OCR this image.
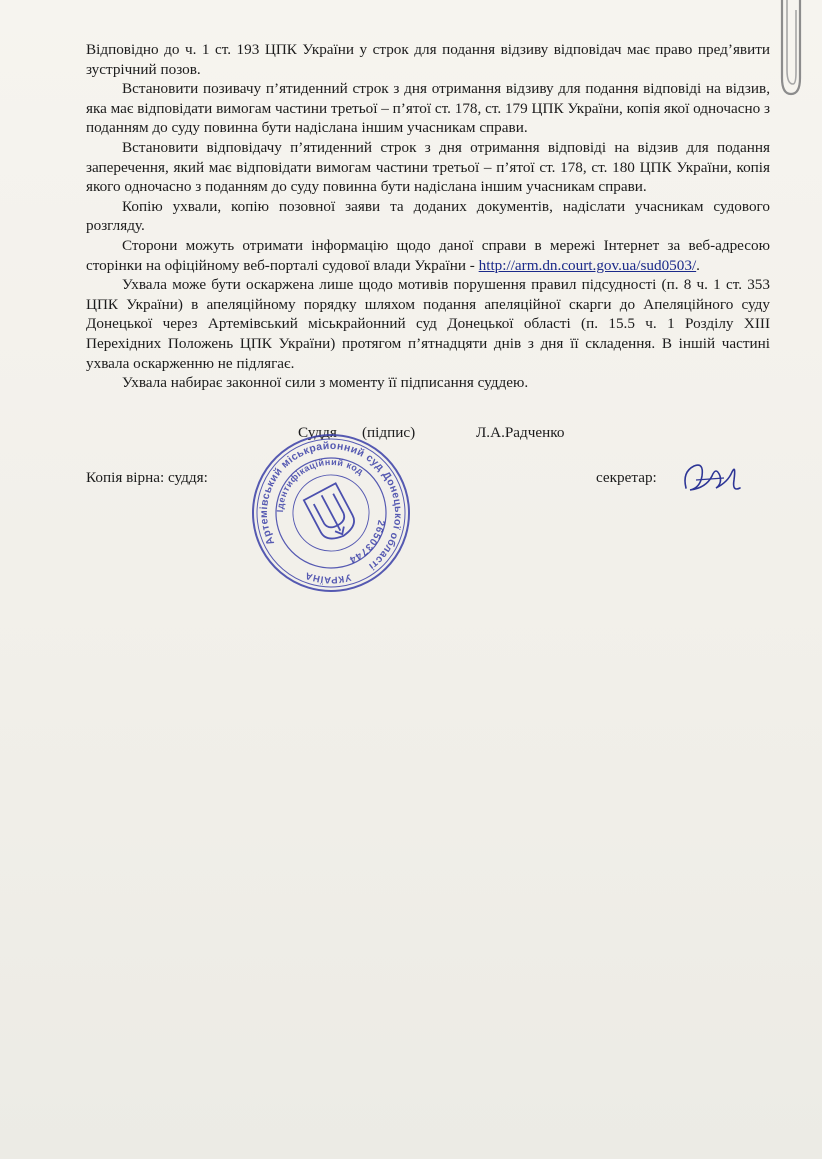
Відповідно до ч. 1 ст. 193 ЦПК України у строк для подання відзиву відповідач має право пред’явити зустрічний позов.

Встановити позивачу п’ятиденний строк з дня отримання відзиву для подання відповіді на відзив, яка має відповідати вимогам частини третьої – п’ятої ст. 178, ст. 179 ЦПК України, копія якої одночасно з поданням до суду повинна бути надіслана іншим учасникам справи.

Встановити відповідачу п’ятиденний строк з дня отримання відповіді на відзив для подання заперечення, який має відповідати вимогам частини третьої – п’ятої ст. 178, ст. 180 ЦПК України, копія якого одночасно з поданням до суду повинна бути надіслана іншим учасникам справи.

Копію ухвали, копію позовної заяви та доданих документів, надіслати учасникам судового розгляду.

Сторони можуть отримати інформацію щодо даної справи в мережі Інтернет за веб-адресою сторінки на офіційному веб-порталі судової влади України - http://arm.dn.court.gov.ua/sud0503/.

Ухвала може бути оскаржена лише щодо мотивів порушення правил підсудності (п. 8 ч. 1 ст. 353 ЦПК України) в апеляційному порядку шляхом подання апеляційної скарги до Апеляційного суду Донецької через Артемівський міськрайонний суд Донецької області (п. 15.5 ч. 1 Розділу XIII Перехідних Положень ЦПК України) протягом п’ятнадцяти днів з дня її складення. В іншій частині ухвала оскарженню не підлягає.

Ухвала набирає законної сили з моменту її підписання суддею.

Суддя (підпис)	Л.А.Радченко
Копія вірна: суддя:	секретар:
Артемівський міськрайонний суд Донецької області
УКРАЇНА
Ідентифікаційний код
26503744
